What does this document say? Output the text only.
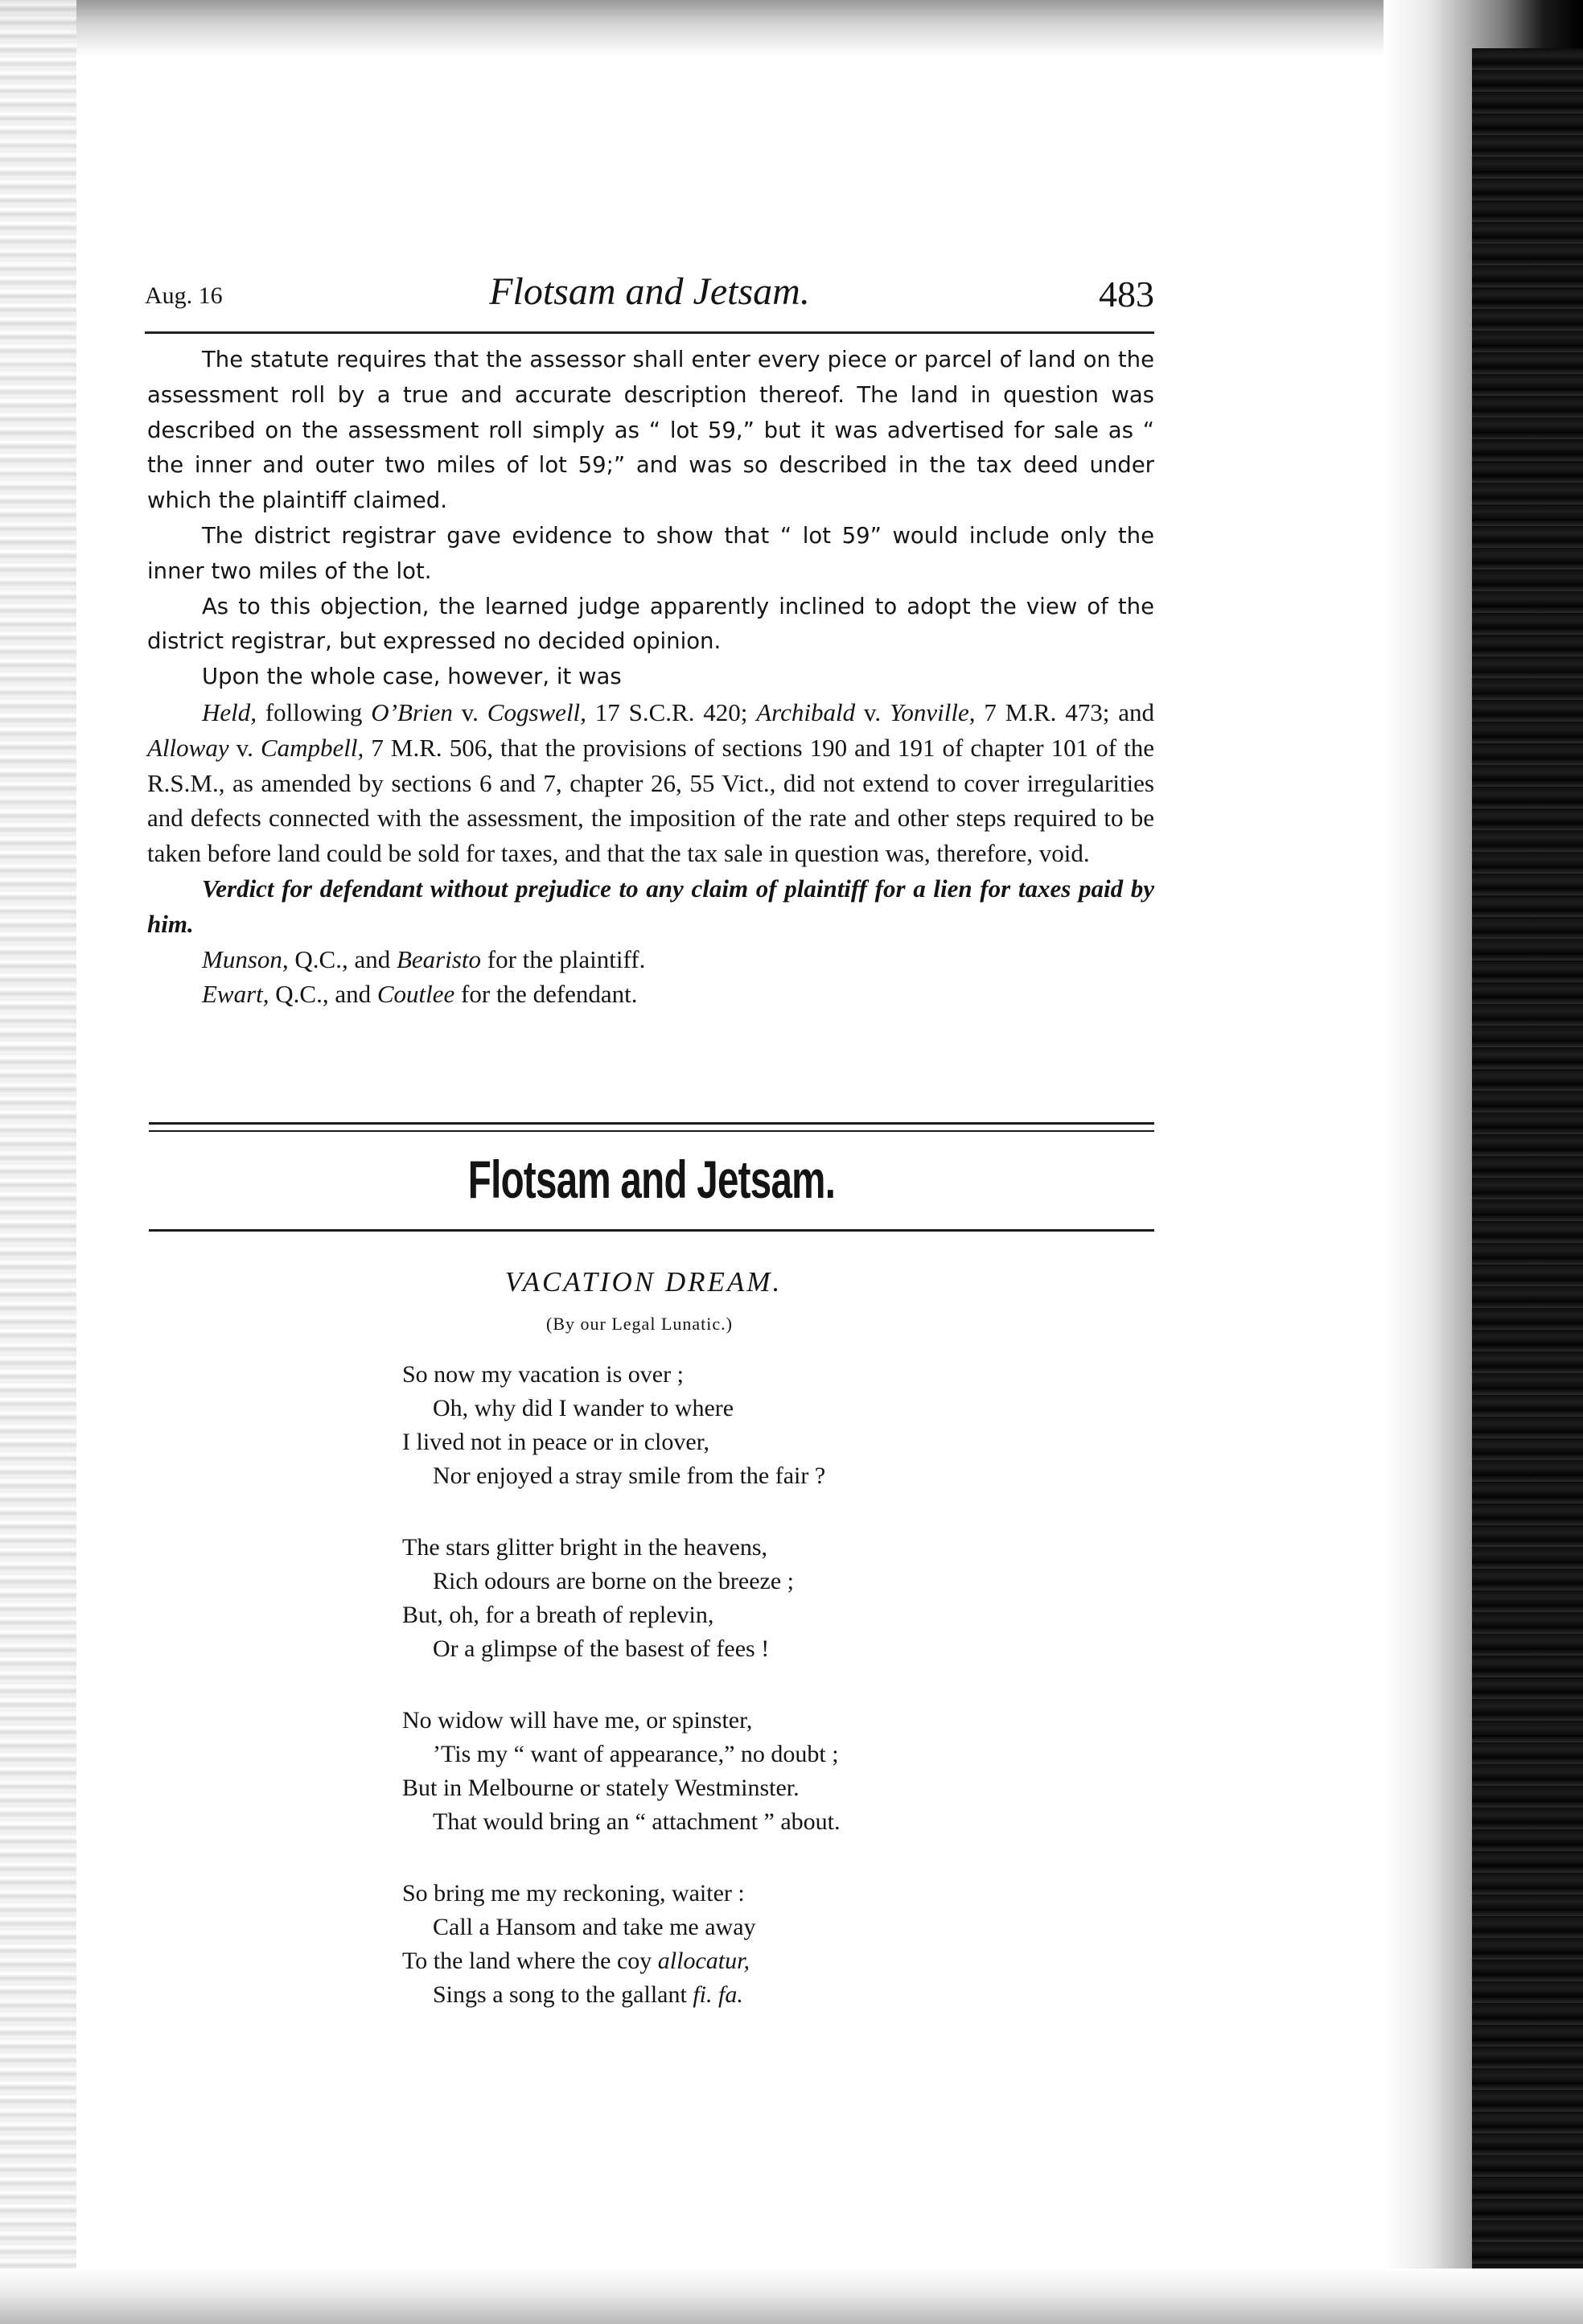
Aug. 16	Flotsam and Jetsam.	483

The statute requires that the assessor shall enter every piece or parcel of land on the assessment roll by a true and accurate description thereof. The land in question was described on the assessment roll simply as “ lot 59,” but it was advertised for sale as “ the inner and outer two miles of lot 59;” and was so described in the tax deed under which the plaintiff claimed.

The district registrar gave evidence to show that “ lot 59” would include only the inner two miles of the lot.

As to this objection, the learned judge apparently inclined to adopt the view of the district registrar, but expressed no decided opinion.

Upon the whole case, however, it was

Held, following O’Brien v. Cogswell, 17 S.C.R. 420; Archibald v. Yonville, 7 M.R. 473; and Alloway v. Campbell, 7 M.R. 506, that the provisions of sections 190 and 191 of chapter 101 of the R.S.M., as amended by sections 6 and 7, chapter 26, 55 Vict., did not extend to cover irregularities and defects connected with the assessment, the imposition of the rate and other steps required to be taken before land could be sold for taxes, and that the tax sale in question was, therefore, void.

Verdict for defendant without prejudice to any claim of plaintiff for a lien for taxes paid by him.

Munson, Q.C., and Bearisto for the plaintiff.

Ewart, Q.C., and Coutlee for the defendant.

Flotsam and Jetsam.
VACATION DREAM.
(By our Legal Lunatic.)
So now my vacation is over ;
Oh, why did I wander to where
I lived not in peace or in clover,
Nor enjoyed a stray smile from the fair ?
The stars glitter bright in the heavens,
Rich odours are borne on the breeze ;
But, oh, for a breath of replevin,
Or a glimpse of the basest of fees !
No widow will have me, or spinster,
’Tis my “ want of appearance,” no doubt ;
But in Melbourne or stately Westminster.
That would bring an “ attachment ” about.
So bring me my reckoning, waiter :
Call a Hansom and take me away
To the land where the coy allocatur,
Sings a song to the gallant fi. fa.
